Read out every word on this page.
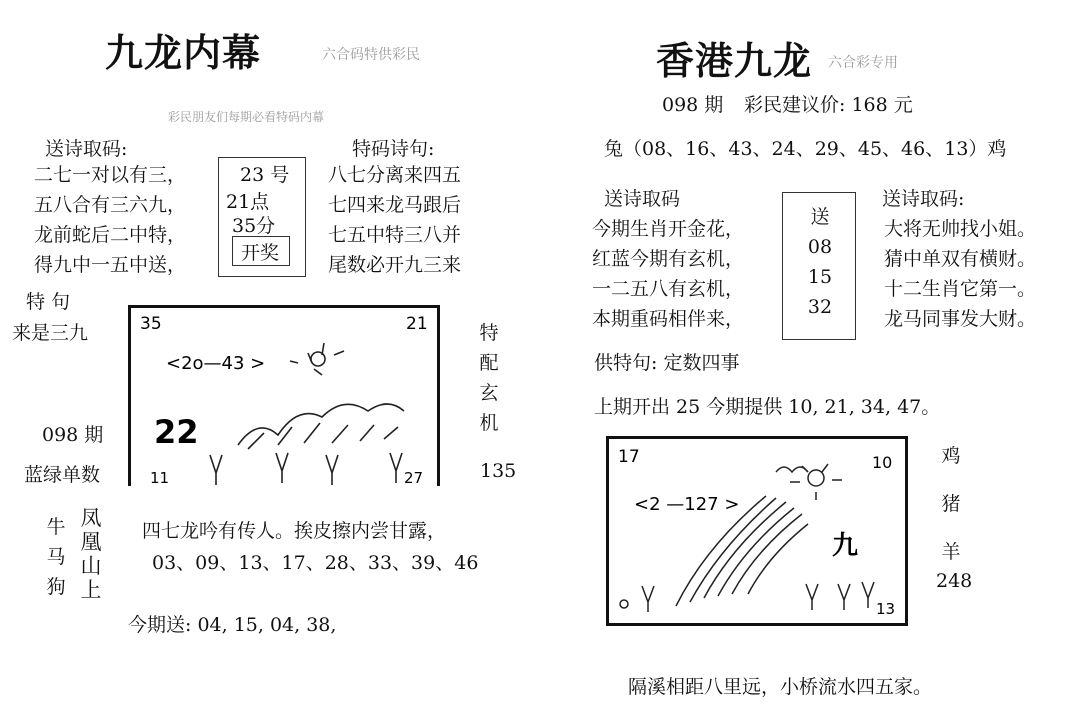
九龙内幕	六合码特供彩民
彩民朋友们每期必看特码内幕
送诗取码:
二七一对以有三，
五八合有三六九，
龙前蛇后二中特，
得九中一五中送，
23 号
21点
35分
开奖
特码诗句:
八七分离来四五
七四来龙马跟后
七五中特三八并
尾数必开九三来
特 句
来是三九
098 期
蓝绿单数
35	21
11	27
<2o—43 >
22
特
配
玄
机
135
牛
马
狗
凤
凰
山
上
四七龙吟有传人。挨皮擦内尝甘露，
03、09、13、17、28、33、39、46
今期送: 04, 15, 04, 38,
香港九龙 六合彩专用
098 期 彩民建议价: 168 元
兔（08、16、43、24、29、45、46、13）鸡
送诗取码
今期生肖开金花，
红蓝今期有玄机，
一二五八有玄机，
本期重码相伴来，
送
08
15
32
送诗取码:
大将无帅找小姐。
猜中单双有横财。
十二生肖它第一。
龙马同事发大财。
供特句: 定数四事
上期开出 25 今期提供 10, 21, 34, 47。
17	10
13
<2 —127 >
九
鸡
猪
羊
248
隔溪相距八里远，小桥流水四五家。
